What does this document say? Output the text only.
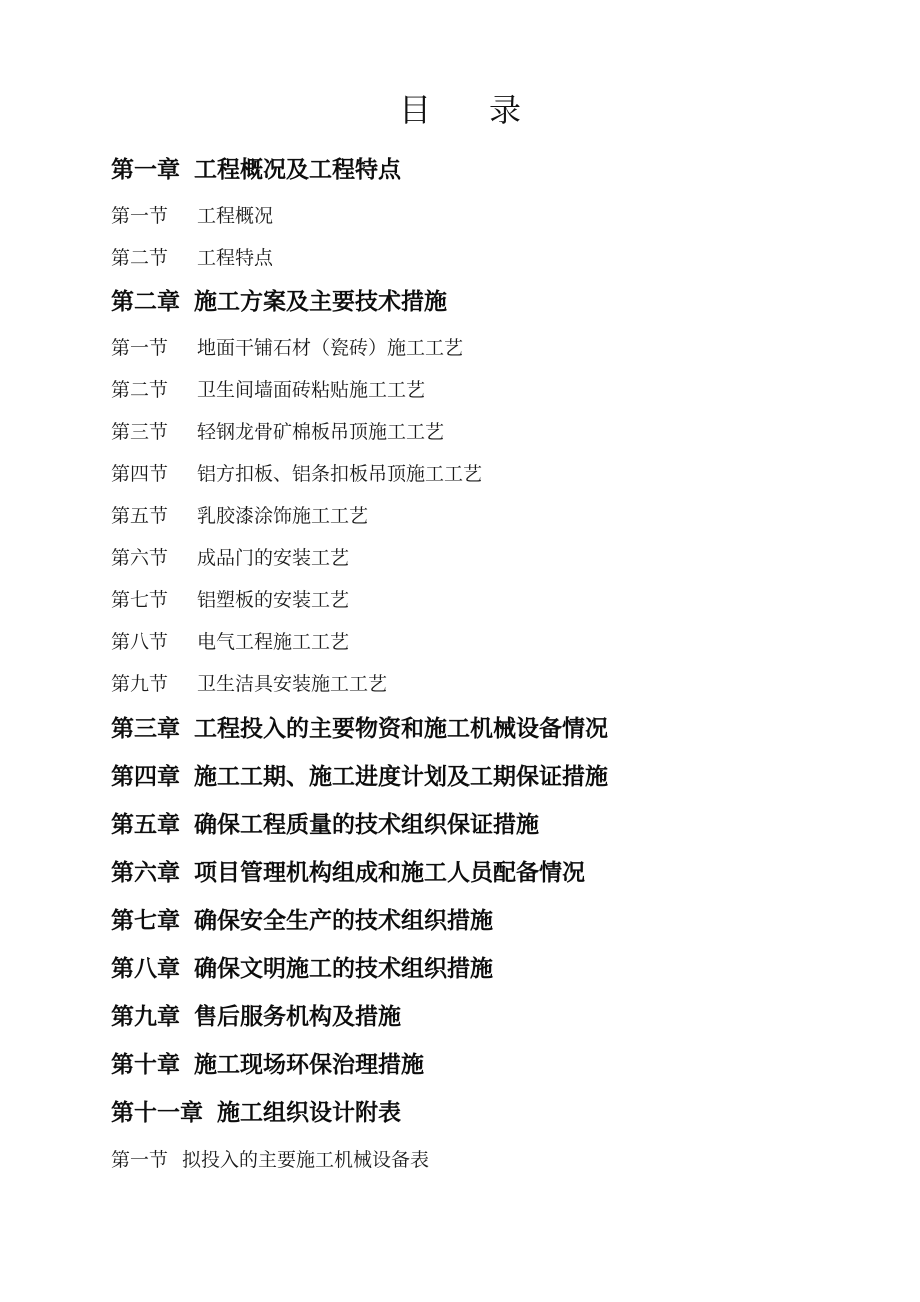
目 录
第一章 工程概况及工程特点
第一节 工程概况
第二节 工程特点
第二章 施工方案及主要技术措施
第一节 地面干铺石材（瓷砖）施工工艺
第二节 卫生间墙面砖粘贴施工工艺
第三节 轻钢龙骨矿棉板吊顶施工工艺
第四节 铝方扣板、铝条扣板吊顶施工工艺
第五节 乳胶漆涂饰施工工艺
第六节 成品门的安装工艺
第七节 铝塑板的安装工艺
第八节 电气工程施工工艺
第九节 卫生洁具安装施工工艺
第三章 工程投入的主要物资和施工机械设备情况
第四章 施工工期、施工进度计划及工期保证措施
第五章 确保工程质量的技术组织保证措施
第六章 项目管理机构组成和施工人员配备情况
第七章 确保安全生产的技术组织措施
第八章 确保文明施工的技术组织措施
第九章 售后服务机构及措施
第十章 施工现场环保治理措施
第十一章 施工组织设计附表
第一节 拟投入的主要施工机械设备表
